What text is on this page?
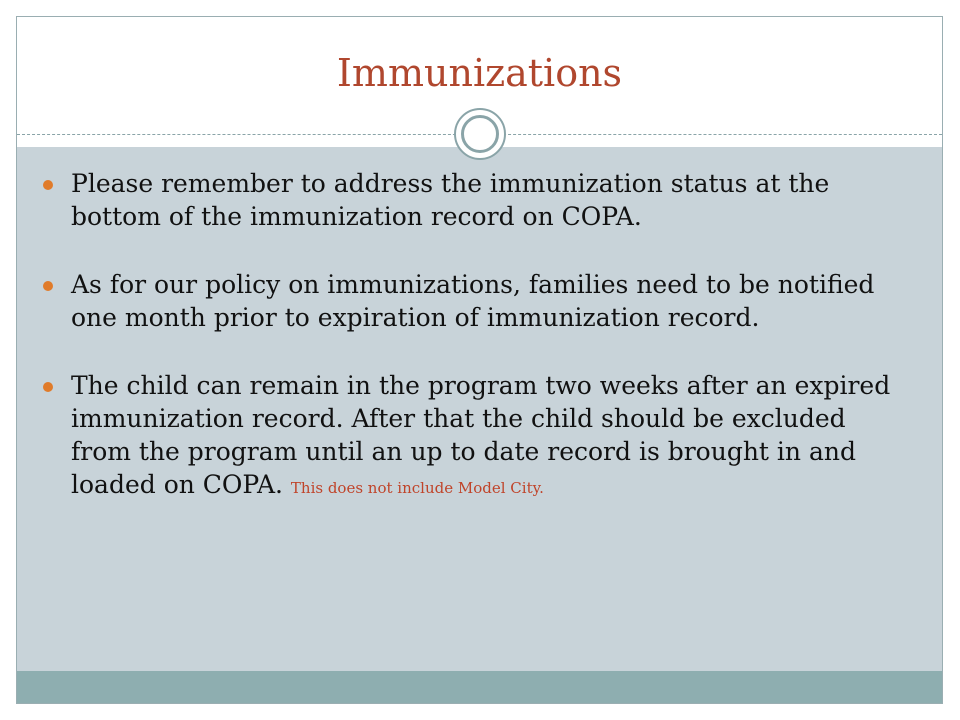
Immunizations
Please remember to address the immunization status at the bottom of the immunization record on COPA.
As for our policy on immunizations, families need to be notified one month prior to expiration of immunization record.
The child can remain in the program two weeks after an expired immunization record. After that the child should be excluded from the program until an up to date record is brought in and loaded on COPA. This does not include Model City.
